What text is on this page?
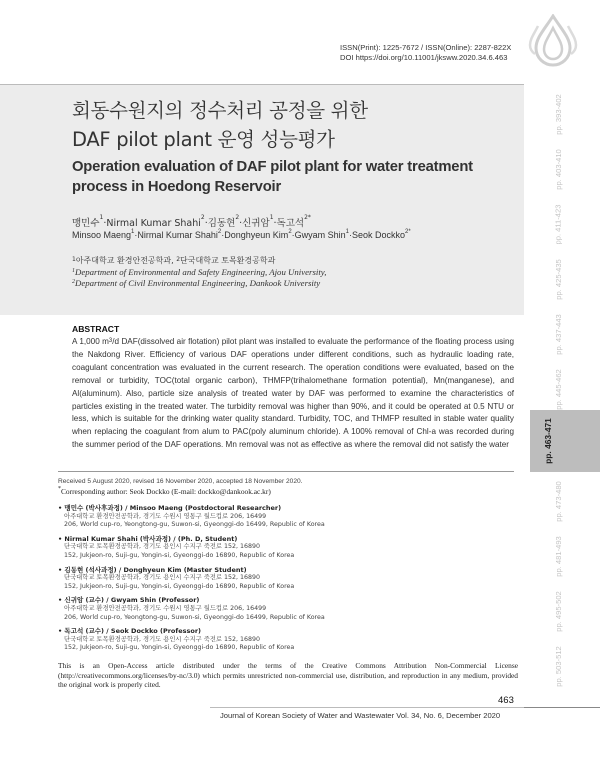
ISSN(Print): 1225-7672 / ISSN(Online): 2287-822X
DOI https://doi.org/10.11001/jksww.2020.34.6.463
회동수원지의 정수처리 공정을 위한
DAF pilot plant 운영 성능평가
Operation evaluation of DAF pilot plant for water treatment
process in Hoedong Reservoir
맹민수$^1$·Nirmal Kumar Shahi$^2$·김동현$^2$·신귀암$^1$·독고석$^{2*}$
Minsoo Maeng$^1$·Nirmal Kumar Shahi$^2$·Donghyeun Kim$^2$·Gwyam Shin$^1$·Seok Dockko$^{2*}$
$^1$아주대학교 환경안전공학과, $^2$단국대학교 토목환경공학과
$^1$Department of Environmental and Safety Engineering, Ajou University,
$^2$Department of Civil Environmental Engineering, Dankook University
ABSTRACT

A 1,000 $m^3/d$ DAF(dissolved air flotation) pilot plant was installed to evaluate the performance of the floating process using the Nakdong River. Efficiency of various DAF operations under different conditions, such as hydraulic loading rate, coagulant concentration was evaluated in the current research. The operation conditions were evaluated, based on the removal or turbidity, TOC(total organic carbon), THMFP(trihalomethane formation potential), Mn(manganese), and Al(aluminum). Also, particle size analysis of treated water by DAF was performed to examine the characteristics of particles existing in the treated water. The turbidity removal was higher than 90%, and it could be operated at 0.5 NTU or less, which is suitable for the drinking water quality standard. Turbidity, TOC, and THMFP resulted in stable water quality when replacing the coagulant from alum to PAC(poly aluminum chloride). A 100% removal of Chl-a was recorded during the summer period of the DAF operations. Mn removal was not as effective as where the removal did not satisfy the water

Received 5 August 2020, revised 16 November 2020, accepted 18 November 2020.
*Corresponding author: Seok Dockko (E-mail: dockko@dankook.ac.kr)
• 맹민수 (박사후과정) / Minsoo Maeng (Postdoctoral Researcher)
아주대학교 환경안전공학과, 경기도 수원시 영통구 월드컵로 206, 16499
206, World cup-ro, Yeongtong-gu, Suwon-si, Gyeonggi-do 16499, Republic of Korea
• Nirmal Kumar Shahi (박사과정) / (Ph. D, Student)
단국대학교 토목환경공학과, 경기도 용인시 수지구 죽전로 152, 16890
152, Jukjeon-ro, Suji-gu, Yongin-si, Gyeonggi-do 16890, Republic of Korea
• 김동현 (석사과정) / Donghyeun Kim (Master Student)
단국대학교 토목환경공학과, 경기도 용인시 수지구 죽전로 152, 16890
152, Jukjeon-ro, Suji-gu, Yongin-si, Gyeonggi-do 16890, Republic of Korea
• 신귀암 (교수) / Gwyam Shin (Professor)
아주대학교 환경안전공학과, 경기도 수원시 영통구 월드컵로 206, 16499
206, World cup-ro, Yeongtong-gu, Suwon-si, Gyeonggi-do 16499, Republic of Korea
• 독고석 (교수) / Seok Dockko (Professor)
단국대학교 토목환경공학과, 경기도 용인시 수지구 죽전로 152, 16890
152, Jukjeon-ro, Suji-gu, Yongin-si, Gyeonggi-do 16890, Republic of Korea

This is an Open-Access article distributed under the terms of the Creative Commons Attribution Non-Commercial License (http://creativecommons.org/licenses/by-nc/3.0) which permits unrestricted non-commercial use, distribution, and reproduction in any medium, provided the original work is properly cited.

463
Journal of Korean Society of Water and Wastewater Vol. 34, No. 6, December 2020
pp. 393-402
pp. 403-410
pp. 411-423
pp. 425-435
pp. 437-443
pp. 445-462
pp. 463-471
pp. 473-480
pp. 481-493
pp. 495-502
pp. 503-512
